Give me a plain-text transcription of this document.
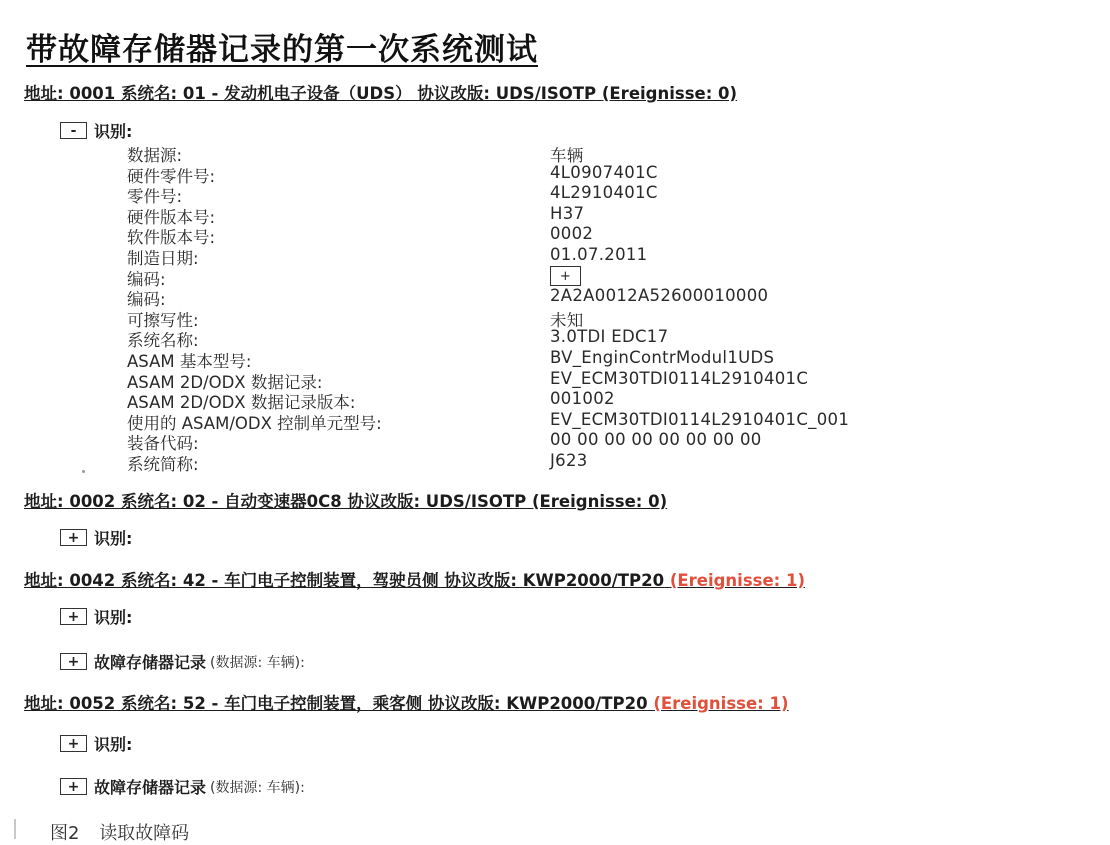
带故障存储器记录的第一次系统测试
地址: 0001 系统名: 01 - 发动机电子设备（UDS） 协议改版: UDS/ISOTP (Ereignisse: 0)
-	识别:
数据源:	车辆
硬件零件号:	4L0907401C
零件号:	4L2910401C
硬件版本号:	H37
软件版本号:	0002
制造日期:	01.07.2011
编码:	+
编码:	2A2A0012A52600010000
可擦写性:	未知
系统名称:	3.0TDI EDC17
ASAM 基本型号:	BV_EnginContrModul1UDS
ASAM 2D/ODX 数据记录:	EV_ECM30TDI0114L2910401C
ASAM 2D/ODX 数据记录版本:	001002
使用的 ASAM/ODX 控制单元型号:	EV_ECM30TDI0114L2910401C_001
装备代码:	00 00 00 00 00 00 00 00
系统简称:	J623
地址: 0002 系统名: 02 - 自动变速器0C8 协议改版: UDS/ISOTP (Ereignisse: 0)
+ 识别:
地址: 0042 系统名: 42 - 车门电子控制装置，驾驶员侧 协议改版: KWP2000/TP20 (Ereignisse: 1)
+ 识别:
+ 故障存储器记录 (数据源: 车辆):
地址: 0052 系统名: 52 - 车门电子控制装置，乘客侧 协议改版: KWP2000/TP20 (Ereignisse: 1)
+ 识别:
+ 故障存储器记录 (数据源: 车辆):
图2 读取故障码
